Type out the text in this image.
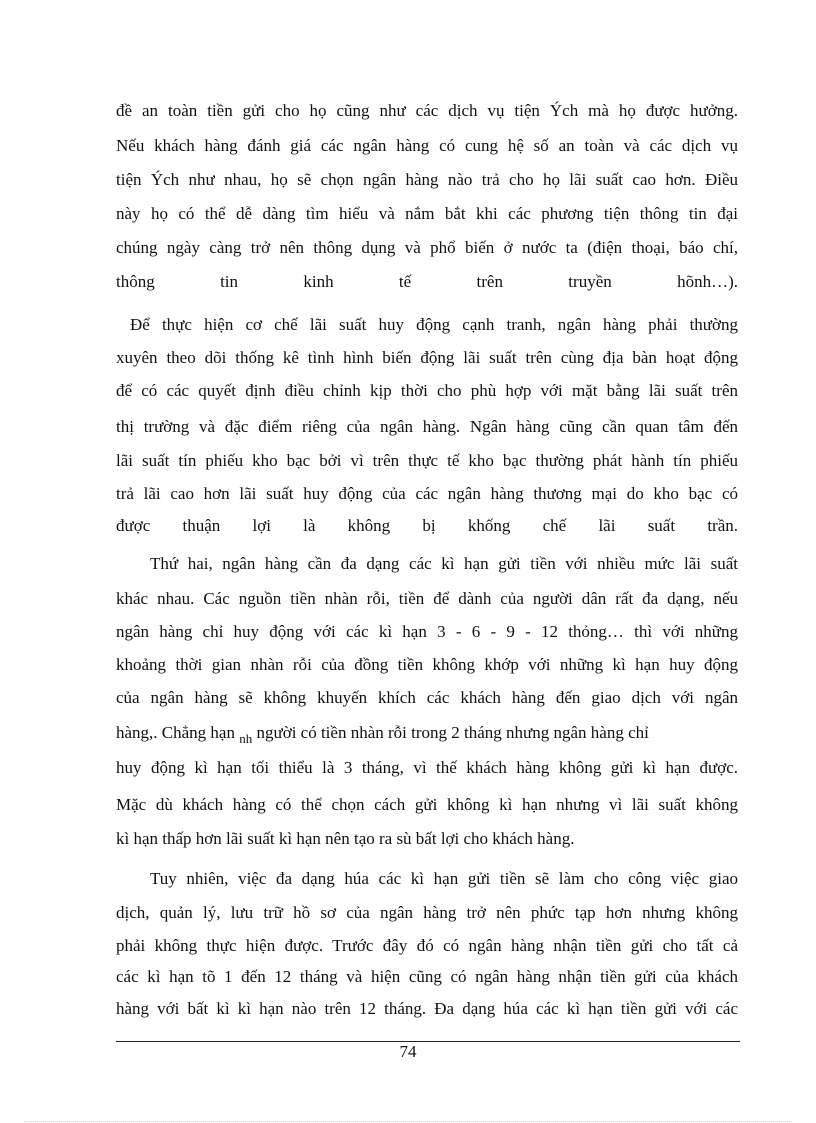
đề an toàn tiền gửi cho họ cũng như các dịch vụ tiện Ých mà họ được hưởng.

Nếu khách hàng đánh giá các ngân hàng có cung hệ số an toàn và các dịch vụ

tiện Ých như nhau, họ sẽ chọn ngân hàng nào trả cho họ lãi suất cao hơn. Điều

này họ có thể dễ dàng tìm hiểu và nắm bắt khi các phương tiện thông tin đại

chúng ngày càng trở nên thông dụng và phổ biến ở nước ta (điện thoại, báo chí,

thông tin kinh tế trên truyền hõnh…).

Để thực hiện cơ chế lãi suất huy động cạnh tranh, ngân hàng phải thường

xuyên theo dõi thống kê tình hình biến động lãi suất trên cùng địa bàn hoạt động

để có các quyết định điều chỉnh kịp thời cho phù hợp với mặt bằng lãi suất trên

thị trường và đặc điểm riêng của ngân hàng. Ngân hàng cũng cần quan tâm đến

lãi suất tín phiếu kho bạc bởi vì trên thực tế kho bạc thường phát hành tín phiếu

trả lãi cao hơn lãi suất huy động của các ngân hàng thương mại do kho bạc có

được thuận lợi là không bị khống chế lãi suất trần.

Thứ hai, ngân hàng cần đa dạng các kì hạn gửi tiền với nhiều mức lãi suất

khác nhau. Các nguồn tiền nhàn rỗi, tiền để dành của người dân rất đa dạng, nếu

ngân hàng chỉ huy động với các kì hạn 3 - 6 - 9 - 12 thỏng… thì với những

khoảng thời gian nhàn rỗi của đồng tiền không khớp với những kì hạn huy động

của ngân hàng sẽ không khuyến khích các khách hàng đến giao dịch với ngân

hàng,. Chẳng hạn $_{nh}$ người có tiền nhàn rỗi trong 2 tháng nhưng ngân hàng chỉ

huy động kì hạn tối thiểu là 3 tháng, vì thế khách hàng không gửi kì hạn được.

Mặc dù khách hàng có thể chọn cách gửi không kì hạn nhưng vì lãi suất không

kì hạn thấp hơn lãi suất kì hạn nên tạo ra sù bất lợi cho khách hàng.

Tuy nhiên, việc đa dạng húa các kì hạn gửi tiền sẽ làm cho công việc giao

dịch, quản lý, lưu trữ hồ sơ của ngân hàng trở nên phức tạp hơn nhưng không

phải không thực hiện được. Trước đây đó có ngân hàng nhận tiền gửi cho tất cả

các kì hạn tõ 1 đến 12 tháng và hiện cũng có ngân hàng nhận tiền gửi của khách

hàng với bất kì kì hạn nào trên 12 tháng. Đa dạng húa các kì hạn tiền gửi với các

74
